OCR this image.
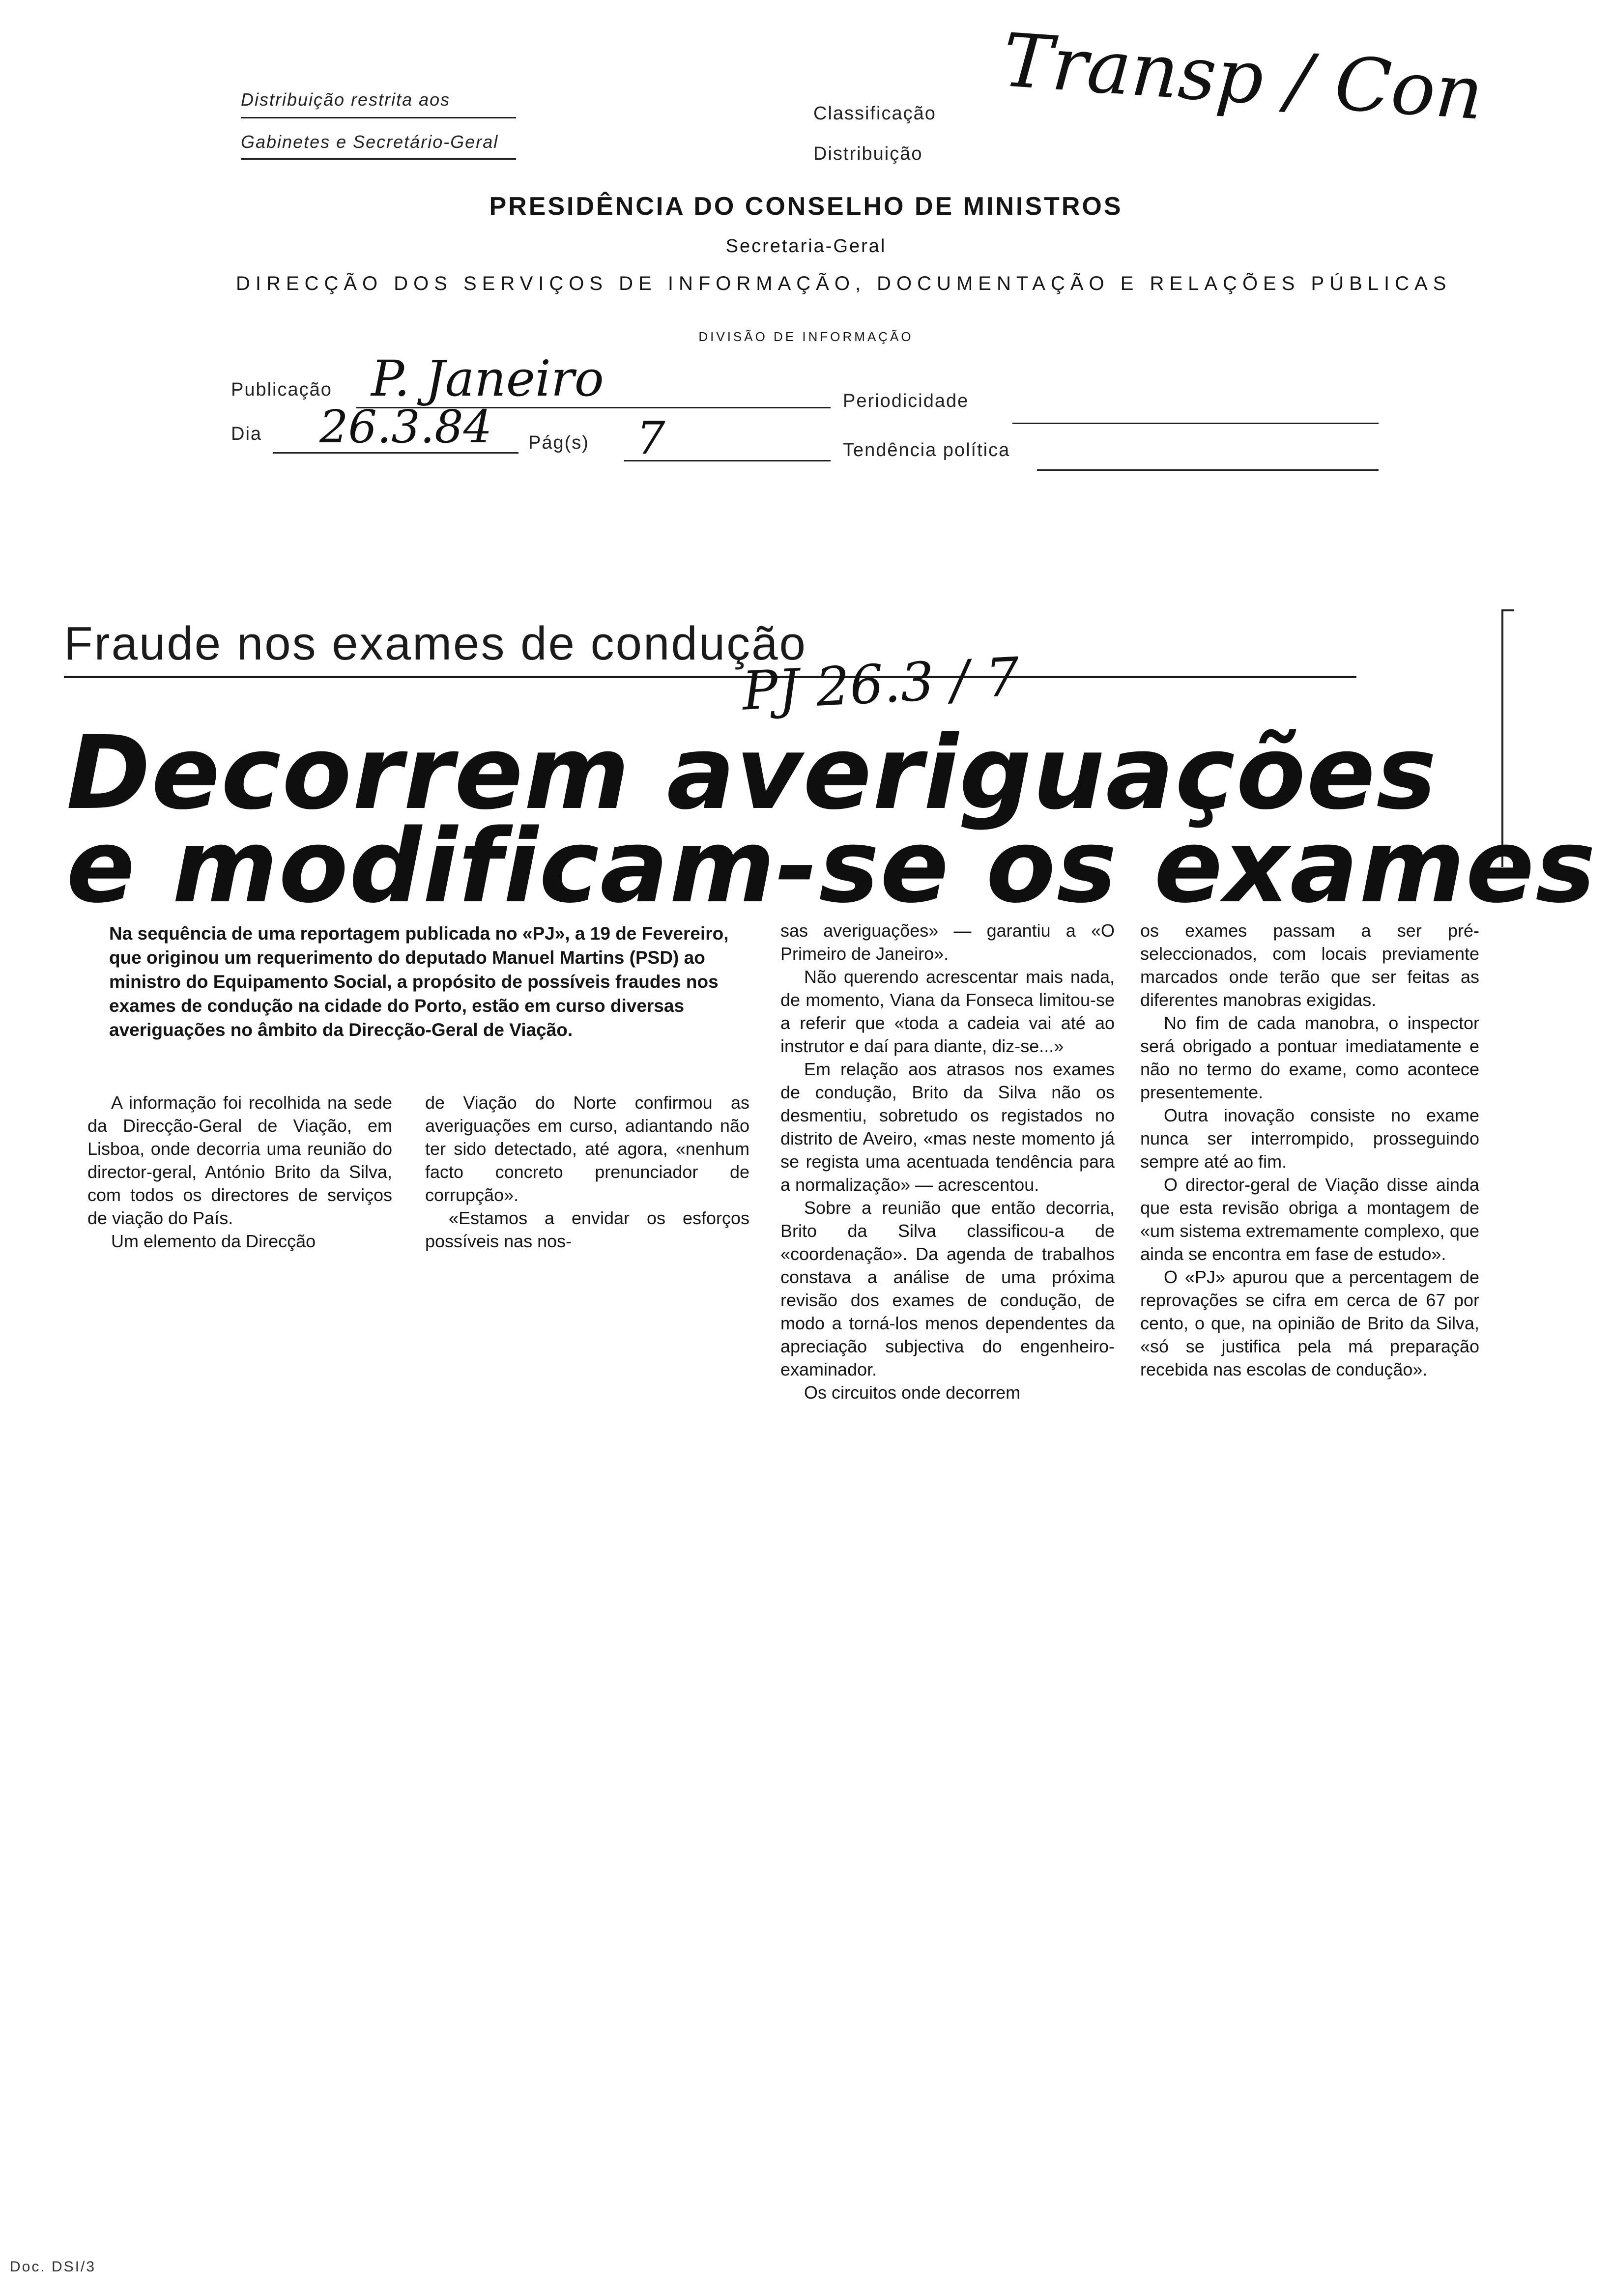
Distribuição restrita aos
Gabinetes e Secretário-Geral
Classificação
Distribuição
Transp / Con
PRESIDÊNCIA DO CONSELHO DE MINISTROS
Secretaria-Geral
DIRECÇÃO DOS SERVIÇOS DE INFORMAÇÃO, DOCUMENTAÇÃO E RELAÇÕES PÚBLICAS
DIVISÃO DE INFORMAÇÃO
Publicação P. Janeiro	Periodicidade
Dia 26.3.84 Pág(s) 7	Tendência política
Fraude nos exames de condução
PJ 26.3 / 7
Decorrem averiguações
e modificam-se os exames
Na sequência de uma reportagem publicada no «PJ», a 19 de Fevereiro, que originou um requerimento do deputado Manuel Martins (PSD) ao ministro do Equipamento Social, a propósito de possíveis fraudes nos exames de condução na cidade do Porto, estão em curso diversas averiguações no âmbito da Direcção-Geral de Viação.

A informação foi recolhida na sede da Direcção-Geral de Viação, em Lisboa, onde decorria uma reunião do director-geral, António Brito da Silva, com todos os directores de serviços de viação do País.

Um elemento da Direcção

de Viação do Norte confirmou as averiguações em curso, adiantando não ter sido detectado, até agora, «nenhum facto concreto prenunciador de corrupção».

«Estamos a envidar os esforços possíveis nas nos-

sas averiguações» — garantiu a «O Primeiro de Janeiro».

Não querendo acrescentar mais nada, de momento, Viana da Fonseca limitou-se a referir que «toda a cadeia vai até ao instrutor e daí para diante, diz-se...»

Em relação aos atrasos nos exames de condução, Brito da Silva não os desmentiu, sobretudo os registados no distrito de Aveiro, «mas neste momento já se regista uma acentuada tendência para a normalização» — acrescentou.

Sobre a reunião que então decorria, Brito da Silva classificou-a de «coordenação». Da agenda de trabalhos constava a análise de uma próxima revisão dos exames de condução, de modo a torná-los menos dependentes da apreciação subjectiva do engenheiro-examinador.

Os circuitos onde decorrem

os exames passam a ser pré-seleccionados, com locais previamente marcados onde terão que ser feitas as diferentes manobras exigidas.

No fim de cada manobra, o inspector será obrigado a pontuar imediatamente e não no termo do exame, como acontece presentemente.

Outra inovação consiste no exame nunca ser interrompido, prosseguindo sempre até ao fim.

O director-geral de Viação disse ainda que esta revisão obriga a montagem de «um sistema extremamente complexo, que ainda se encontra em fase de estudo».

O «PJ» apurou que a percentagem de reprovações se cifra em cerca de 67 por cento, o que, na opinião de Brito da Silva, «só se justifica pela má preparação recebida nas escolas de condução».

Doc. DSI/3
